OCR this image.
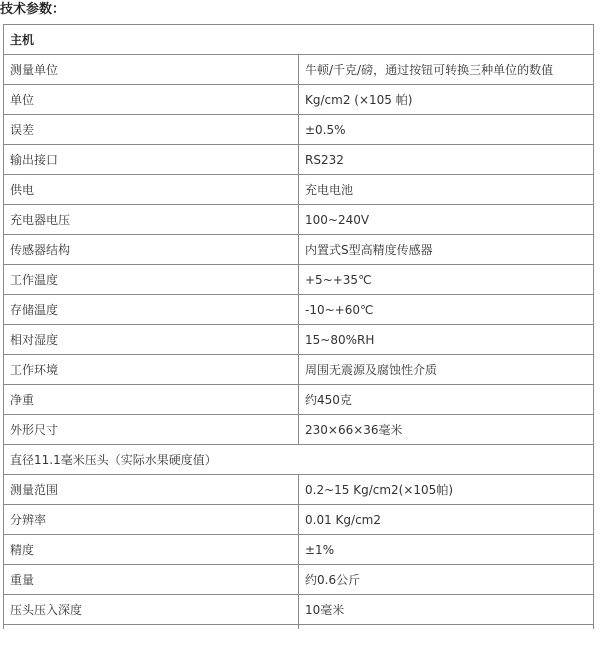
技术参数：
主机	
测量单位	牛顿/千克/磅，通过按钮可转换三种单位的数值
单位	Kg/cm2 (×105 帕)
误差	±0.5%
输出接口	RS232
供电	充电电池
充电器电压	100~240V
传感器结构	内置式S型高精度传感器
工作温度	+5~+35℃
存储温度	-10~+60℃
相对湿度	15~80%RH
工作环境	周围无震源及腐蚀性介质
净重	约450克
外形尺寸	230×66×36毫米
直径11.1毫米压头（实际水果硬度值）	
测量范围	0.2~15 Kg/cm2(×105帕)
分辨率	0.01 Kg/cm2
精度	±1%
重量	约0.6公斤
压头压入深度	10毫米
